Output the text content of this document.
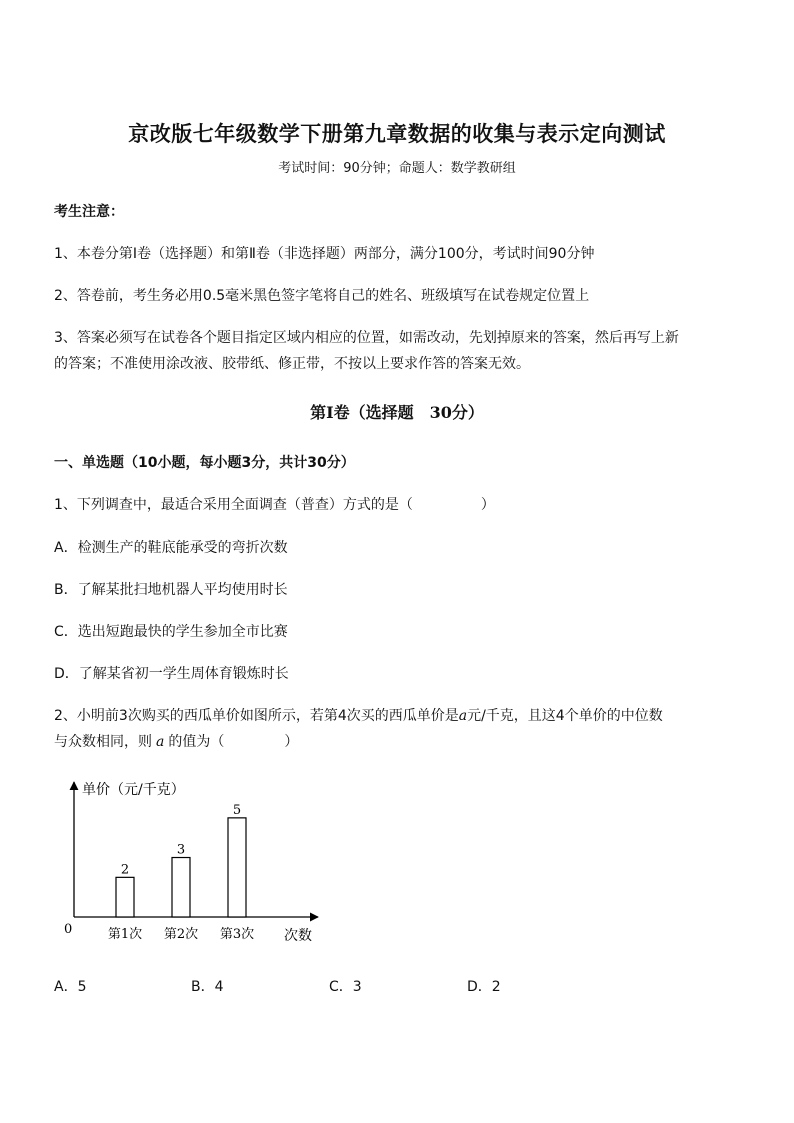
京改版七年级数学下册第九章数据的收集与表示定向测试
考试时间：90分钟；命题人：数学教研组
考生注意：
1、本卷分第Ⅰ卷（选择题）和第Ⅱ卷（非选择题）两部分，满分100分，考试时间90分钟
2、答卷前，考生务必用0.5毫米黑色签字笔将自己的姓名、班级填写在试卷规定位置上
3、答案必须写在试卷各个题目指定区域内相应的位置，如需改动，先划掉原来的答案，然后再写上新
的答案；不准使用涂改液、胶带纸、修正带，不按以上要求作答的答案无效。
第Ⅰ卷（选择题　30分）
一、单选题（10小题，每小题3分，共计30分）
1、下列调查中，最适合采用全面调查（普查）方式的是（	）
A．检测生产的鞋底能承受的弯折次数
B．了解某批扫地机器人平均使用时长
C．选出短跑最快的学生参加全市比赛
D．了解某省初一学生周体育锻炼时长
2、小明前3次购买的西瓜单价如图所示，若第4次买的西瓜单价是a元/千克，且这4个单价的中位数
与众数相同，则 a 的值为（	）
单价（元/千克）
次数
0
2
第1次
3
第2次
5
第3次
A．5	B．4	C．3	D．2
